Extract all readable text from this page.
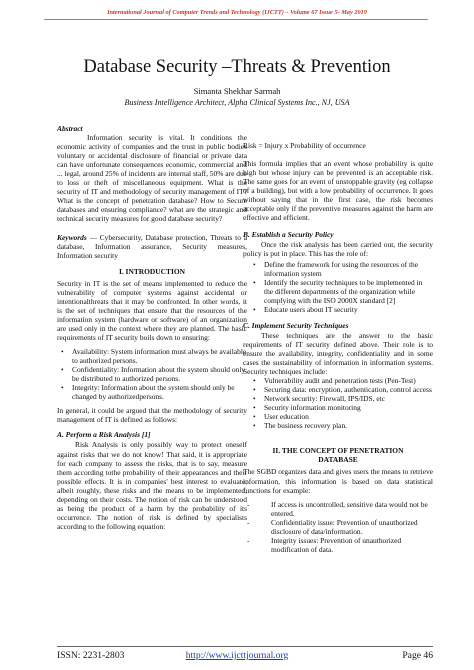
International Journal of Computer Trends and Technology (IJCTT) – Volume 67 Issue 5- May 2019
Database Security –Threats & Prevention
Simanta Shekhar Sarmah
Business Intelligence Architect, Alpha Clinical Systems Inc., NJ, USA

Abstract

Information security is vital. It conditions the economic activity of companies and the trust in public bodies voluntary or accidental disclosure of financial or private data can have unfortunate consequences economic, commercial and ... legal, around 25% of incidents are internal staff, 50% are due to loss or theft of miscellaneous equipment. What is the security of IT and methodology of security management of IT? What is the concept of penetration database? How to Secure databases and ensuring compliance? what are the strategic and technical security measures for good database security?

Keywords — Cybersecurity, Database protection, Threats to a database, Information assurance, Security measures, Information security

I. INTRODUCTION

Security in IT is the set of means implemented to reduce the vulnerability of computer systems against accidental or intentionalthreats that it may be confronted. In other words, it is the set of techniques that ensure that the resources of the information system (hardware or software) of an organization are used only in the context where they are planned. The basic requirements of IT security boils down to ensuring:

• Availability: System information must always be available to authorized persons.
• Confidentiality: Information about the system should only be distributed to authorized persons.
• Integrity: Information about the system should only be changed by authorizedpersons.

In general, it could be argued that the methodology of security management of IT is defined as follows:

A. Perform a Risk Analysis [1]

Risk Analysis is only possibly way to protect oneself against risks that we do not know! That said, it is appropriate for each company to assess the risks, that is to say, measure them according tothe probability of their appearances and their possible effects. It is in companies' best interest to evaluate, albeit roughly, these risks and the means to be implemented, depending on their costs. The notion of risk can be understood as being the product of a harm by the probability of its occurrence. The notion of risk is defined by specialists according to the following equation:

Risk = Injury x Probability of occurrence

This formula implies that an event whose probability is quite high but whose injury can be prevented is an acceptable risk. The same goes for an event of unstoppable gravity (eg collapse of a building), but with a low probability of occurrence. It goes without saying that in the first case, the risk becomes acceptable only if the preventive measures against the harm are effective and efficient.

B. Establish a Security Policy

Once the risk analysis has been carried out, the security policy is put in place. This has the role of:

• Define the framework for using the resources of the information system
• Identify the security techniques to be implemented in the different departments of the organization while complying with the ISO 2000X standard [2]
• Educate users about IT security
C. Implement Security Techniques

These techniques are the answer to the basic requirements of IT security defined above. Their role is to ensure the availability, integrity, confidentiality and in some cases the sustainability of information in information systems. Security techniques include:

• Vulnerability audit and penetration tests (Pen-Test)
• Securing data: encryption, authentication, control access
• Network security: Firewall, IPS/IDS, etc
• Security information monitoring
• User education
• The business recovery plan.
II. THE CONCEPT OF PENETRATION DATABASE

The SGBD organizes data and gives users the means to retrieve information, this information is based on data statistical functions for example:

- If access is uncontrolled, sensitive data would not be entered.
- Confidentiality issue: Prevention of unauthorized disclosure of data/information.
- Integrity issues: Prevention of unauthorized modification of data.
ISSN: 2231-2803	http://www.ijcttjournal.org	Page 46
